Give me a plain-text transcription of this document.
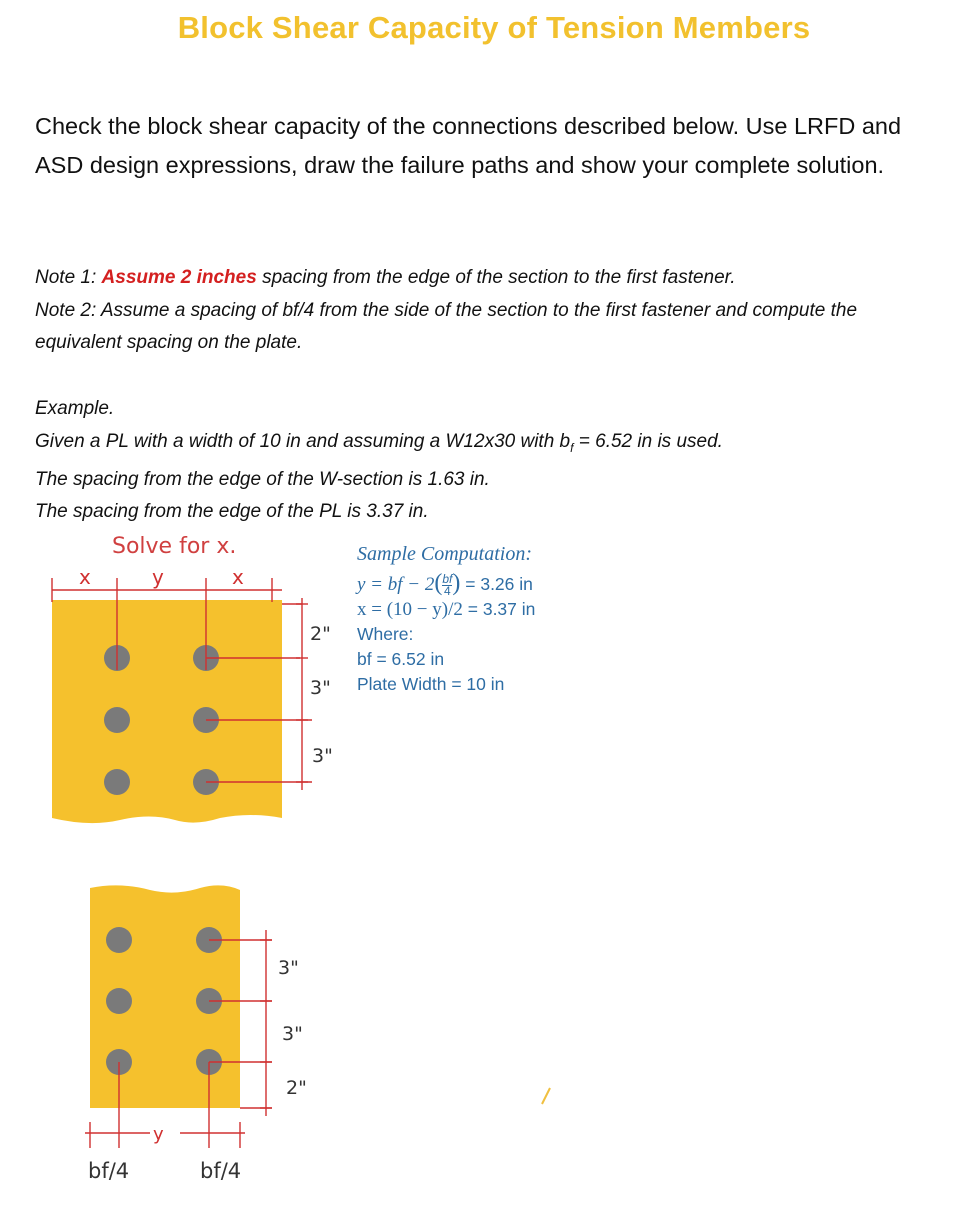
Block Shear Capacity of Tension Members
Check the block shear capacity of the connections described below. Use LRFD and ASD design expressions, draw the failure paths and show your complete solution.
Note 1: Assume 2 inches spacing from the edge of the section to the first fastener.
Note 2: Assume a spacing of bf/4 from the side of the section to the first fastener and compute the equivalent spacing on the plate.
Example.
Given a PL with a width of 10 in and assuming a W12x30 with $b_f = 6.52$ in is used.
The spacing from the edge of the W-section is 1.63 in.
The spacing from the edge of the PL is 3.37 in.
Solve for x.	Sample Computation:
y = bf − $2( \frac{bf}{4}$ ) = 3.26 in
x = (10 − y)/2 = 3.37 in
Where:
bf = 6.52 in
Plate Width = 10 in
x	y	x
2"
3"
3"
y
3"
3"
2"
bf/4	bf/4
